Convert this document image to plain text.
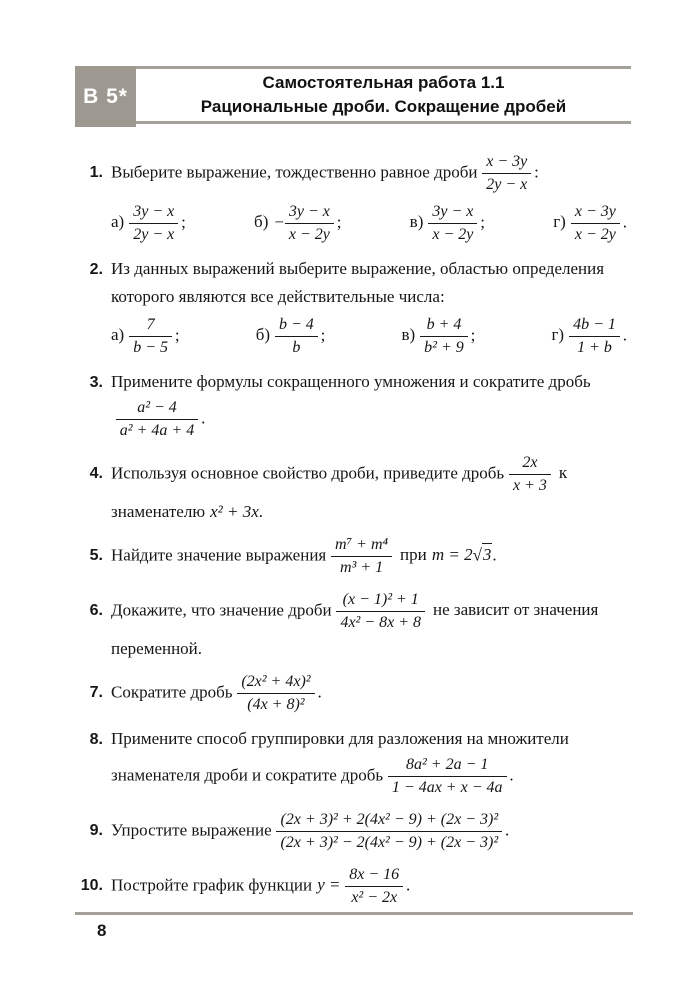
В 5*
Самостоятельная работа 1.1
Рациональные дроби. Сокращение дробей
1. Выберите выражение, тождественно равное дроби $\frac{x - 3y}{2y - x}$ :
$а) \frac{3y - x}{2y - x}$ ;	$б) - \frac{3y - x}{x - 2y}$ ;	$в) \frac{3y - x}{x - 2y}$ ;	$г) \frac{x - 3y}{x - 2y}$ .
2. Из данных выражений выберите выражение, областью определения которого являются все действительные числа:
$а) \frac{7}{b - 5}$ ;	$б) \frac{b - 4}{b}$ ;	$в) \frac{b + 4}{\text{b² + 9}}$ ;	$г) \frac{4b - 1}{1 + b}$ .
3. Примените формулы сокращенного умножения и сократите дробь
$\frac{\text{a² − 4}}{\text{a² + 4a + 4}}$ .
4. Используя основное свойство дроби, приведите дробь $\frac{2x}{x + 3}$ к знаменателю x² + 3x.
5. Найдите значение выражения $\frac{\text{m⁷ + m⁴}}{\text{m³ + 1}}$ при m = 2√3.
6. Докажите, что значение дроби $\frac{\text{(x − 1)² + 1}}{\text{4x² − 8x + 8}}$ не зависит от значения переменной.
7. Сократите дробь $\frac{\text{(2x² + 4x)²}}{\text{(4x + 8)²}}$ .
8. Примените способ группировки для разложения на множители знаменателя дроби и сократите дробь $\frac{\text{8a² + 2a − 1}}{1 - 4ax + x - 4a}$ .
9. Упростите выражение $\frac{\text{(2x + 3)² + 2(4x² − 9) + (2x − 3)²}}{\text{(2x + 3)² − 2(4x² − 9) + (2x − 3)²}}$ .
10. Постройте график функции $y = \frac{8x - 16}{\text{x² − 2x}}$ .
8
